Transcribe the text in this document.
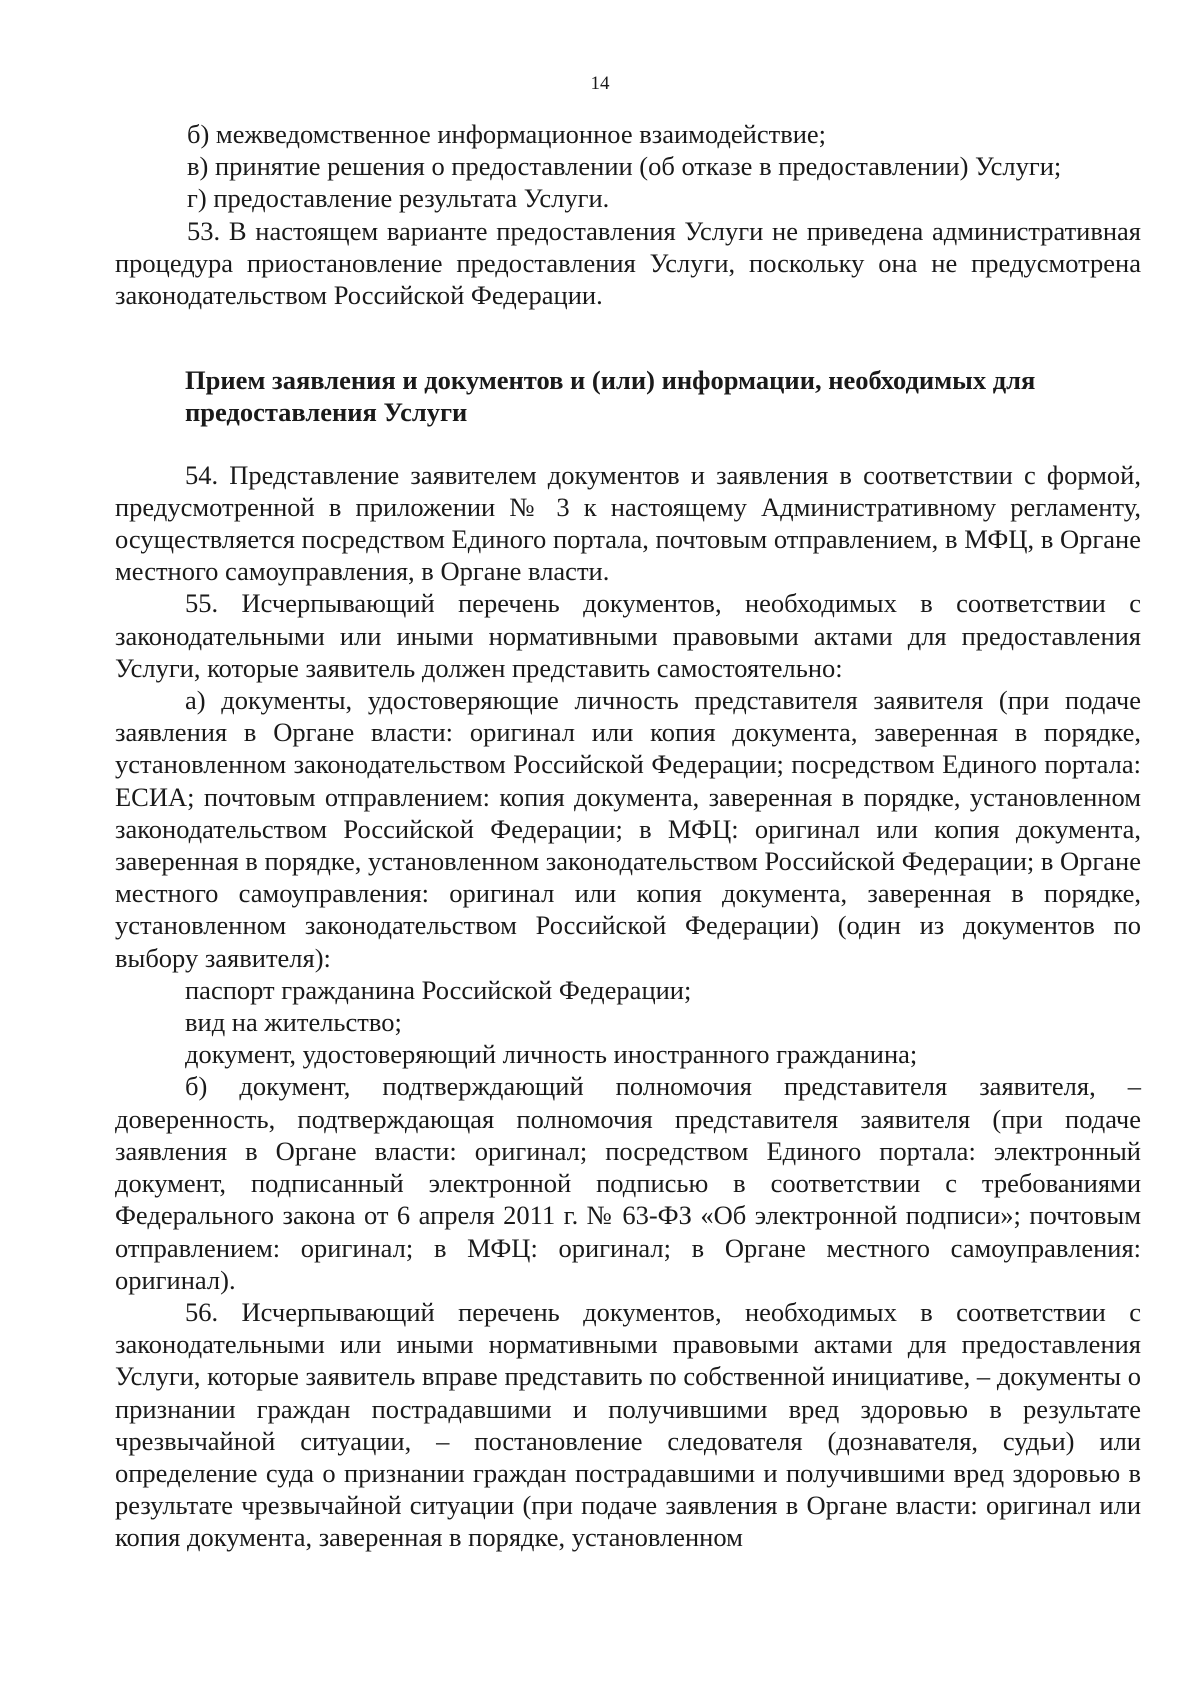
14

б) межведомственное информационное взаимодействие;

в) принятие решения о предоставлении (об отказе в предоставлении) Услуги;

г) предоставление результата Услуги.

53. В настоящем варианте предоставления Услуги не приведена административная процедура приостановление предоставления Услуги, поскольку она не предусмотрена законодательством Российской Федерации.

Прием заявления и документов и (или) информации, необходимых для

предоставления Услуги

54. Представление заявителем документов и заявления в соответствии с формой, предусмотренной в приложении № 3 к настоящему Административному регламенту, осуществляется посредством Единого портала, почтовым отправлением, в МФЦ, в Органе местного самоуправления, в Органе власти.

55. Исчерпывающий перечень документов, необходимых в соответствии с законодательными или иными нормативными правовыми актами для предоставления Услуги, которые заявитель должен представить самостоятельно:

а) документы, удостоверяющие личность представителя заявителя (при подаче заявления в Органе власти: оригинал или копия документа, заверенная в порядке, установленном законодательством Российской Федерации; посредством Единого портала: ЕСИА; почтовым отправлением: копия документа, заверенная в порядке, установленном законодательством Российской Федерации; в МФЦ: оригинал или копия документа, заверенная в порядке, установленном законодательством Российской Федерации; в Органе местного самоуправления: оригинал или копия документа, заверенная в порядке, установленном законодательством Российской Федерации) (один из документов по выбору заявителя):

паспорт гражданина Российской Федерации;

вид на жительство;

документ, удостоверяющий личность иностранного гражданина;

б) документ, подтверждающий полномочия представителя заявителя, – доверенность, подтверждающая полномочия представителя заявителя (при подаче заявления в Органе власти: оригинал; посредством Единого портала: электронный документ, подписанный электронной подписью в соответствии с требованиями Федерального закона от 6 апреля 2011 г. № 63-ФЗ «Об электронной подписи»; почтовым отправлением: оригинал; в МФЦ: оригинал; в Органе местного самоуправления: оригинал).

56. Исчерпывающий перечень документов, необходимых в соответствии с законодательными или иными нормативными правовыми актами для предоставления Услуги, которые заявитель вправе представить по собственной инициативе, – документы о признании граждан пострадавшими и получившими вред здоровью в результате чрезвычайной ситуации, – постановление следователя (дознавателя, судьи) или определение суда о признании граждан пострадавшими и получившими вред здоровью в результате чрезвычайной ситуации (при подаче заявления в Органе власти: оригинал или копия документа, заверенная в порядке, установленном
